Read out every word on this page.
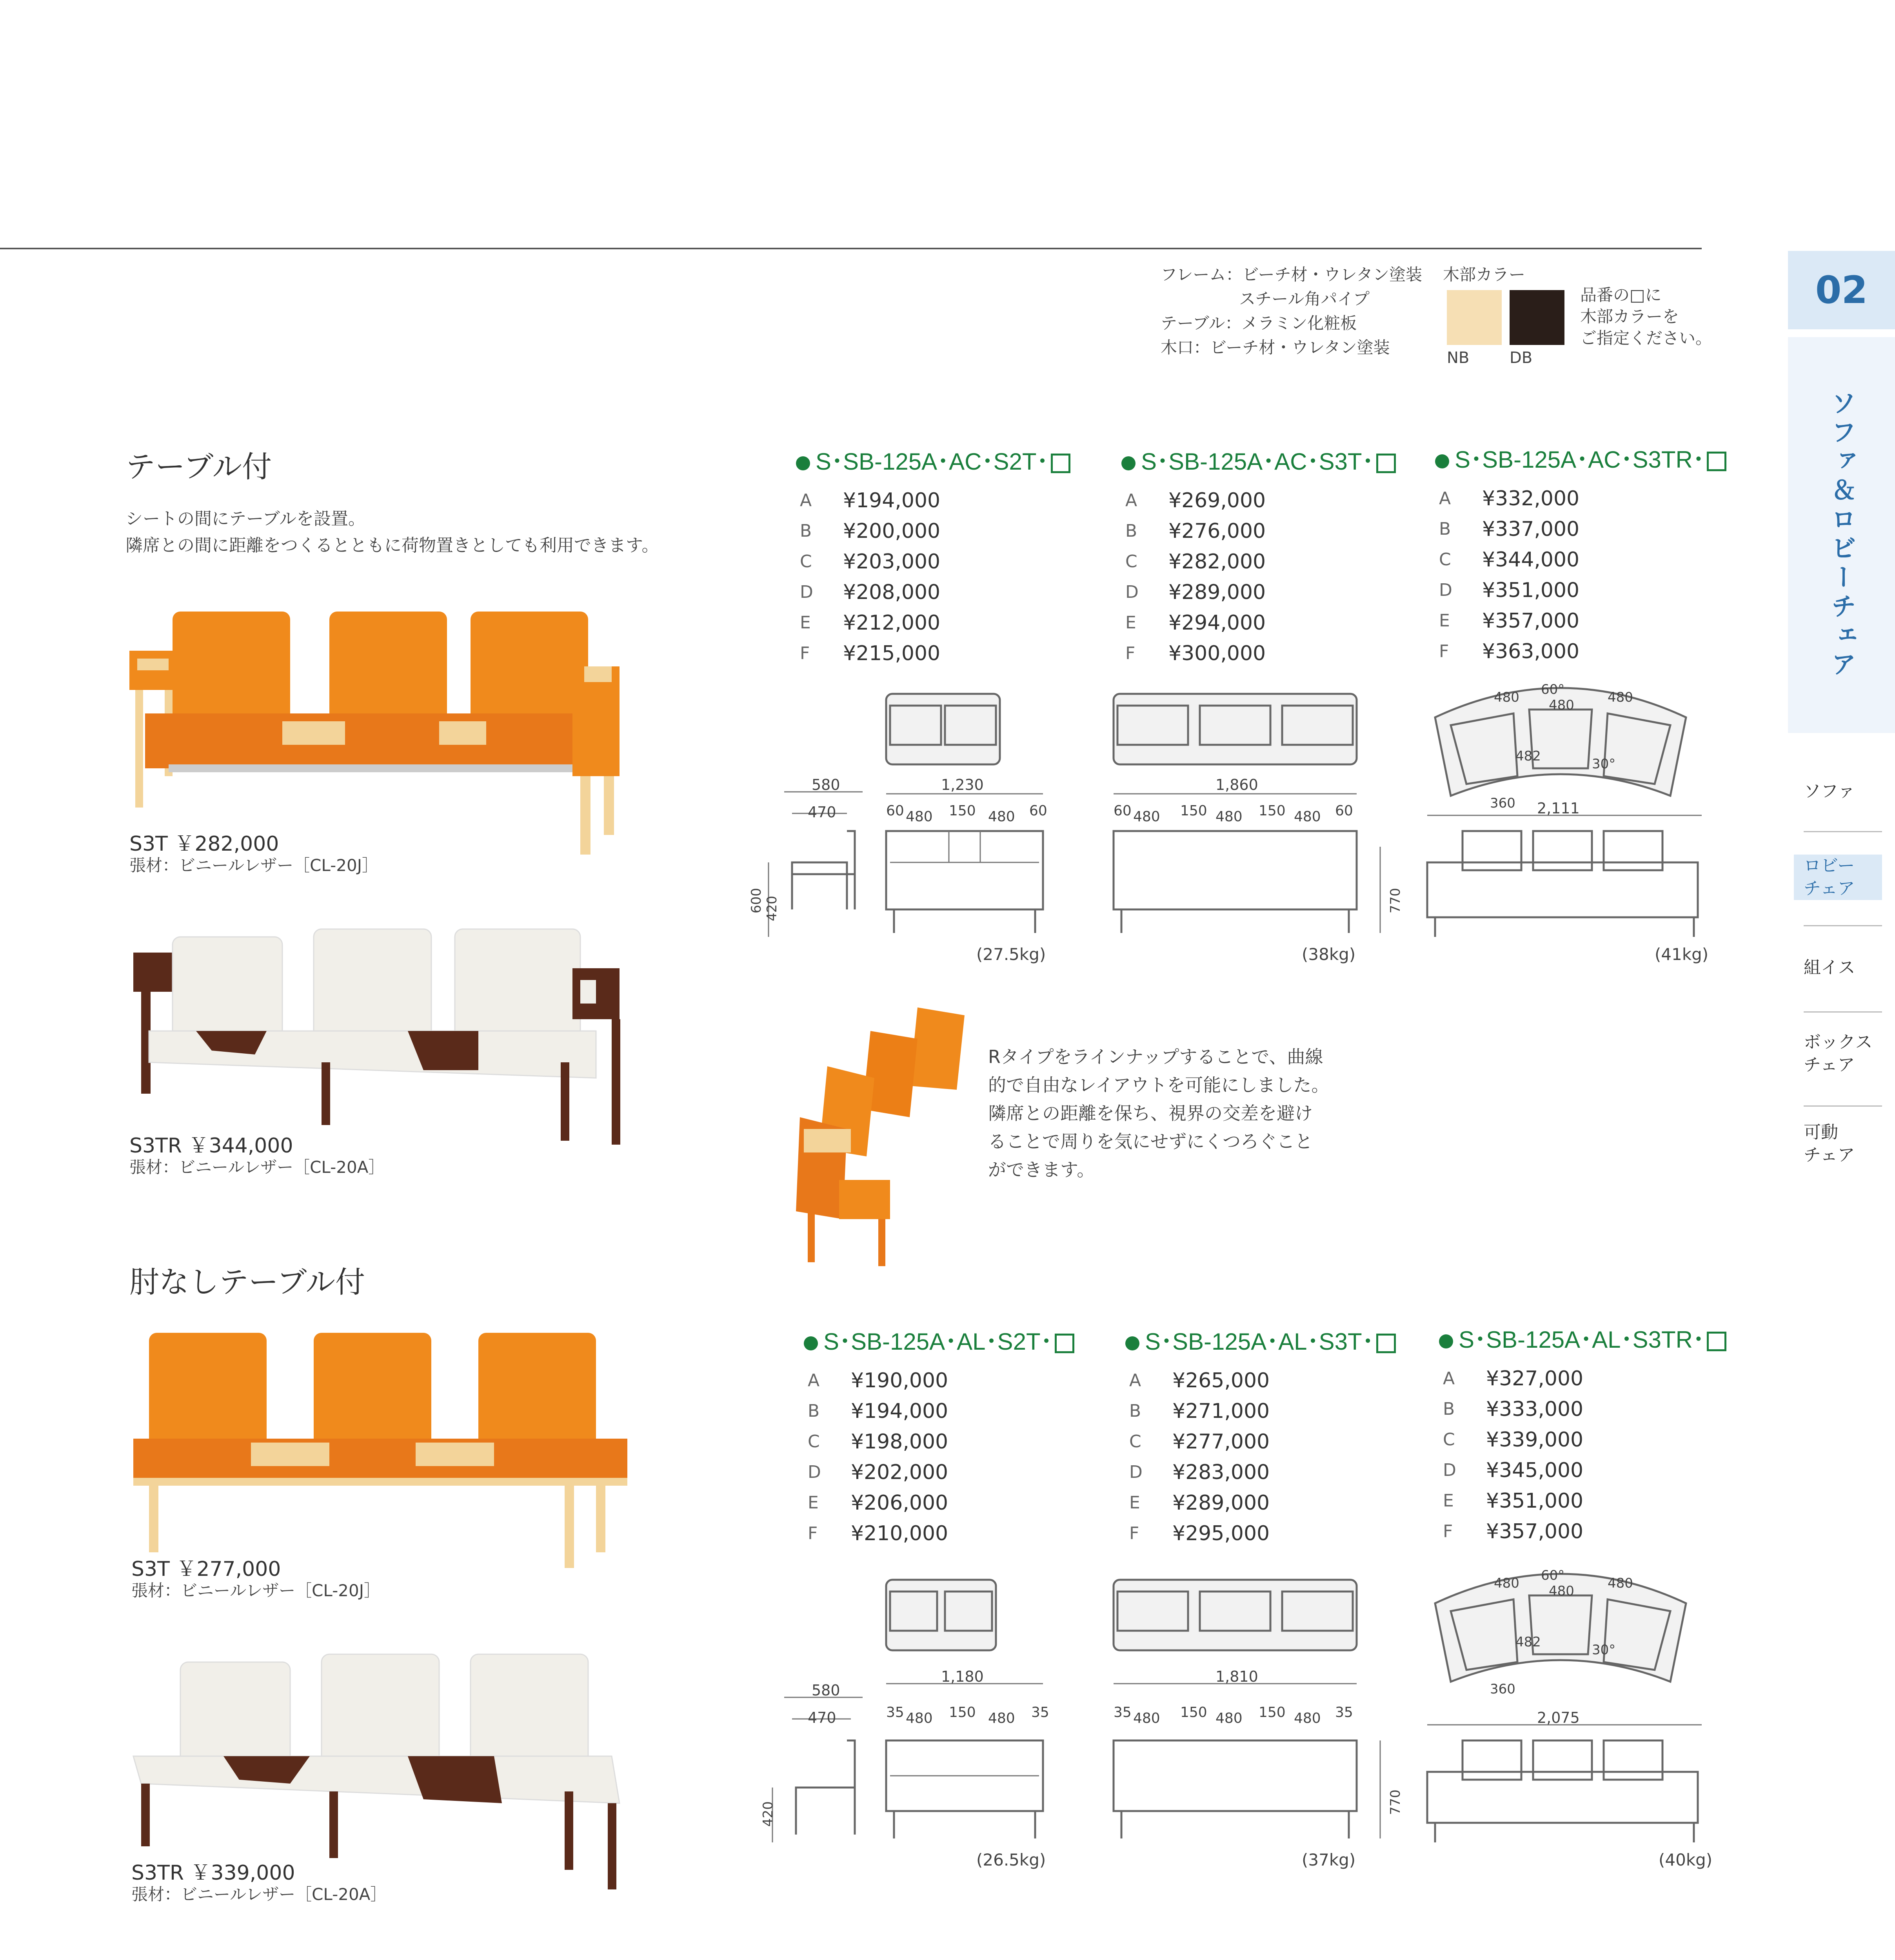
02
ソファ＆ロビーチェア
ソファ
ロビー
チェア
組イス
ボックス
チェア
可動
チェア
フレーム：ビーチ材・ウレタン塗装
スチール角パイプ
テーブル：メラミン化粧板
木口：ビーチ材・ウレタン塗装
木部カラー
NB	DB
品番の□に
木部カラーを
ご指定ください。
テーブル付
シートの間にテーブルを設置。
隣席との間に距離をつくるとともに荷物置きとしても利用できます。
S3T ￥282,000
張材：ビニールレザー［CL-20J］
S3TR ￥344,000
張材：ビニールレザー［CL-20A］
S･SB-125A･AC･S2T･
A	¥194,000
B	¥200,000
C	¥203,000
D	¥208,000
E	¥212,000
F	¥215,000
S･SB-125A･AC･S3T･
A	¥269,000
B	¥276,000
C	¥282,000
D	¥289,000
E	¥294,000
F	¥300,000
S･SB-125A･AC･S3TR･
A	¥332,000
B	¥337,000
C	¥344,000
D	¥351,000
E	¥357,000
F	¥363,000
580
470
1,230
60 480 150 480 60
600 420
(27.5kg)
1,860
60 480 150 480 150 480 60
770
(38kg)
480 60°
480	480
482	30°
360 2,111
(41kg)
Rタイプをラインナップすることで、曲線
的で自由なレイアウトを可能にしました。
隣席との距離を保ち、視界の交差を避け
ることで周りを気にせずにくつろぐこと
ができます。
肘なしテーブル付
S3T ￥277,000
張材：ビニールレザー［CL-20J］
S3TR ￥339,000
張材：ビニールレザー［CL-20A］
S･SB-125A･AL･S2T･
A	¥190,000
B	¥194,000
C	¥198,000
D	¥202,000
E	¥206,000
F	¥210,000
S･SB-125A･AL･S3T･
A	¥265,000
B	¥271,000
C	¥277,000
D	¥283,000
E	¥289,000
F	¥295,000
S･SB-125A･AL･S3TR･
A	¥327,000
B	¥333,000
C	¥339,000
D	¥345,000
E	¥351,000
F	¥357,000
580
470
1,180
35 480 150 480 35
420
(26.5kg)
1,810
35 480 150 480 150 480 35
770
(37kg)
480 60°
480	480
482	30°
360
2,075
(40kg)
